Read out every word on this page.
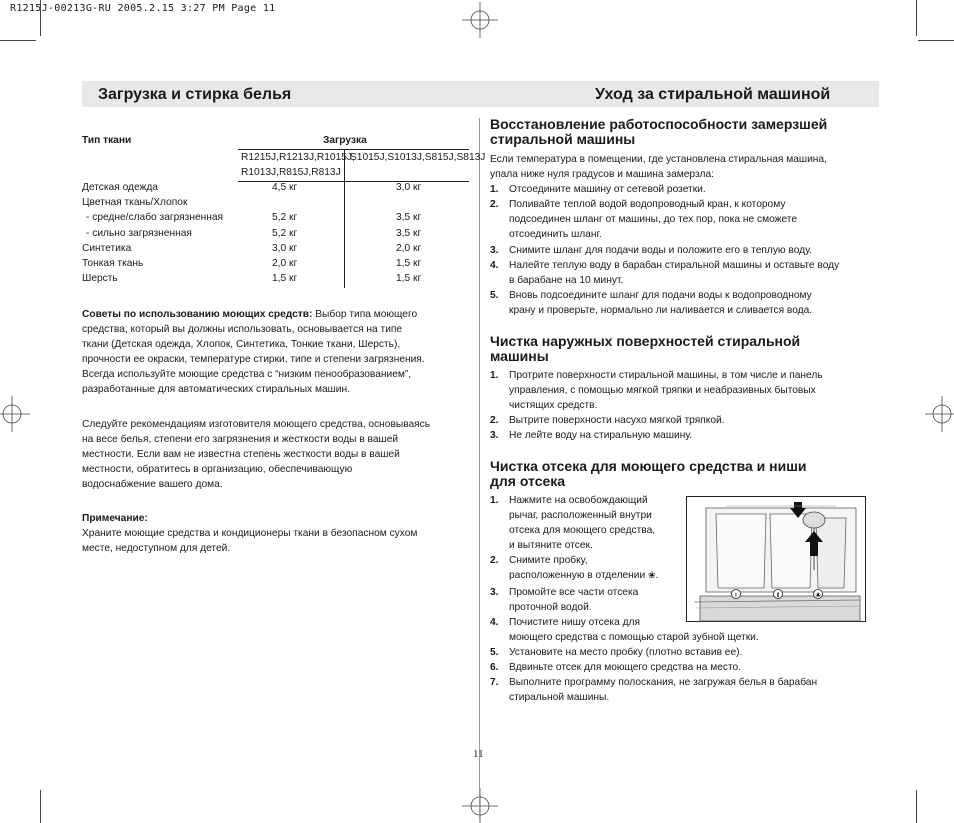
R1215J-00213G-RU 2005.2.15 3:27 PM Page 11
Загрузка и стирка белья	Уход за стиральной машиной
Тип ткани	Загрузка
R1215J,R1213J,R1015J,
R1013J,R815J,R813J
S1015J,S1013J,S815J,S813J
Детская одежда	4,5 кг	3,0 кг
Цветная ткань/Хлопок
- средне/слабо загрязненная	5,2 кг	3,5 кг
- сильно загрязненная	5,2 кг	3,5 кг
Синтетика	3,0 кг	2,0 кг
Тонкая ткань	2,0 кг	1,5 кг
Шерсть	1,5 кг	1,5 кг
Советы по использованию моющих средств: Выбор типа моющего
средства, который вы должны использовать, основывается на типе
ткани (Детская одежда, Хлопок, Синтетика, Тонкие ткани, Шерсть),
прочности ее окраски, температуре стирки, типе и степени загрязнения.
Всегда используйте моющие средства с “низким пенообразованием”,
разработанные для автоматических стиральных машин.
Следуйте рекомендациям изготовителя моющего средства, основываясь
на весе белья, степени его загрязнения и жесткости воды в вашей
местности. Если вам не известна степень жесткости воды в вашей
местности, обратитесь в организацию, обеспечивающую
водоснабжение вашего дома.
Примечание:
Храните моющие средства и кондиционеры ткани в безопасном сухом
месте, недоступном для детей.
Восстановление работоспособности замерзшей
стиральной машины
Если температура в помещении, где установлена стиральная машина,
упала ниже нуля градусов и машина замерзла:
1. Отсоедините машину от сетевой розетки.
2. Поливайте теплой водой водопроводный кран, к которому
подсоединен шланг от машины, до тех пор, пока не сможете
отсоединить шланг.
3. Снимите шланг для подачи воды и положите его в теплую воду.
4. Налейте теплую воду в барабан стиральной машины и оставьте воду
в барабане на 10 минут.
5. Вновь подсоедините шланг для подачи воды к водопроводному
крану и проверьте, нормально ли наливается и сливается вода.
Чистка наружных поверхностей стиральной
машины
1. Протрите поверхности стиральной машины, в том числе и панель
управления, с помощью мягкой тряпки и неабразивных бытовых
чистящих средств.
2. Вытрите поверхности насухо мягкой тряпкой.
3. Не лейте воду на стиральную машину.
Чистка отсека для моющего средства и ниши
для отсека
1. Нажмите на освобождающий
рычаг, расположенный внутри
отсека для моющего средства,
и вытяните отсек.
2. Снимите пробку,
расположенную в отделении ❀.
3. Промойте все части отсека
проточной водой.
4. Почистите нишу отсека для
моющего средства с помощью старой зубной щетки.
5. Установите на место пробку (плотно вставив ее).
6. Вдвиньте отсек для моющего средства на место.
7. Выполните программу полоскания, не загружая белья в барабан
стиральной машины.
Ⅰ	Ⅱ	❀
11
